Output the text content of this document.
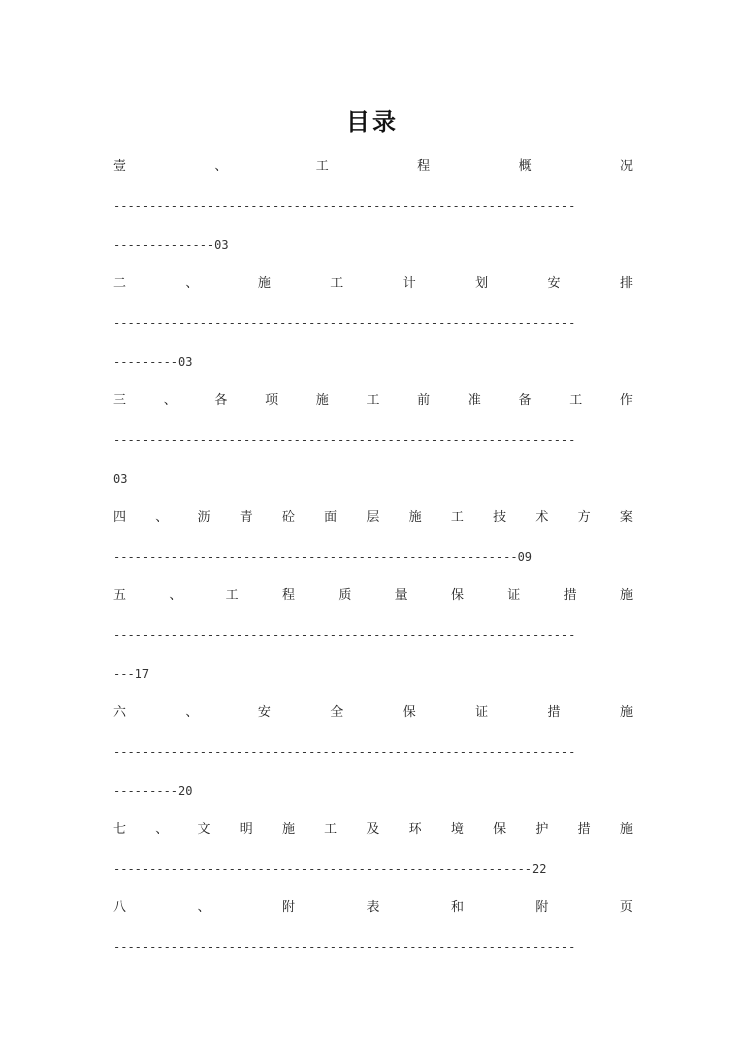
目录
壹	、	工	程	概	况
----------------------------------------------------------------
--------------03
二	、	施	工	计	划	安	排
----------------------------------------------------------------
---------03
三	、	各	项	施	工	前	准	备	工	作
----------------------------------------------------------------
03
四 、 沥 青 砼 面 层 施 工 技 术 方 案
--------------------------------------------------------09
五	、	工	程	质	量	保	证	措	施
----------------------------------------------------------------
---17
六	、	安	全	保	证	措	施
----------------------------------------------------------------
---------20
七 、 文 明 施 工 及 环 境 保 护 措 施
----------------------------------------------------------22
八	、	附	表	和	附	页
----------------------------------------------------------------
